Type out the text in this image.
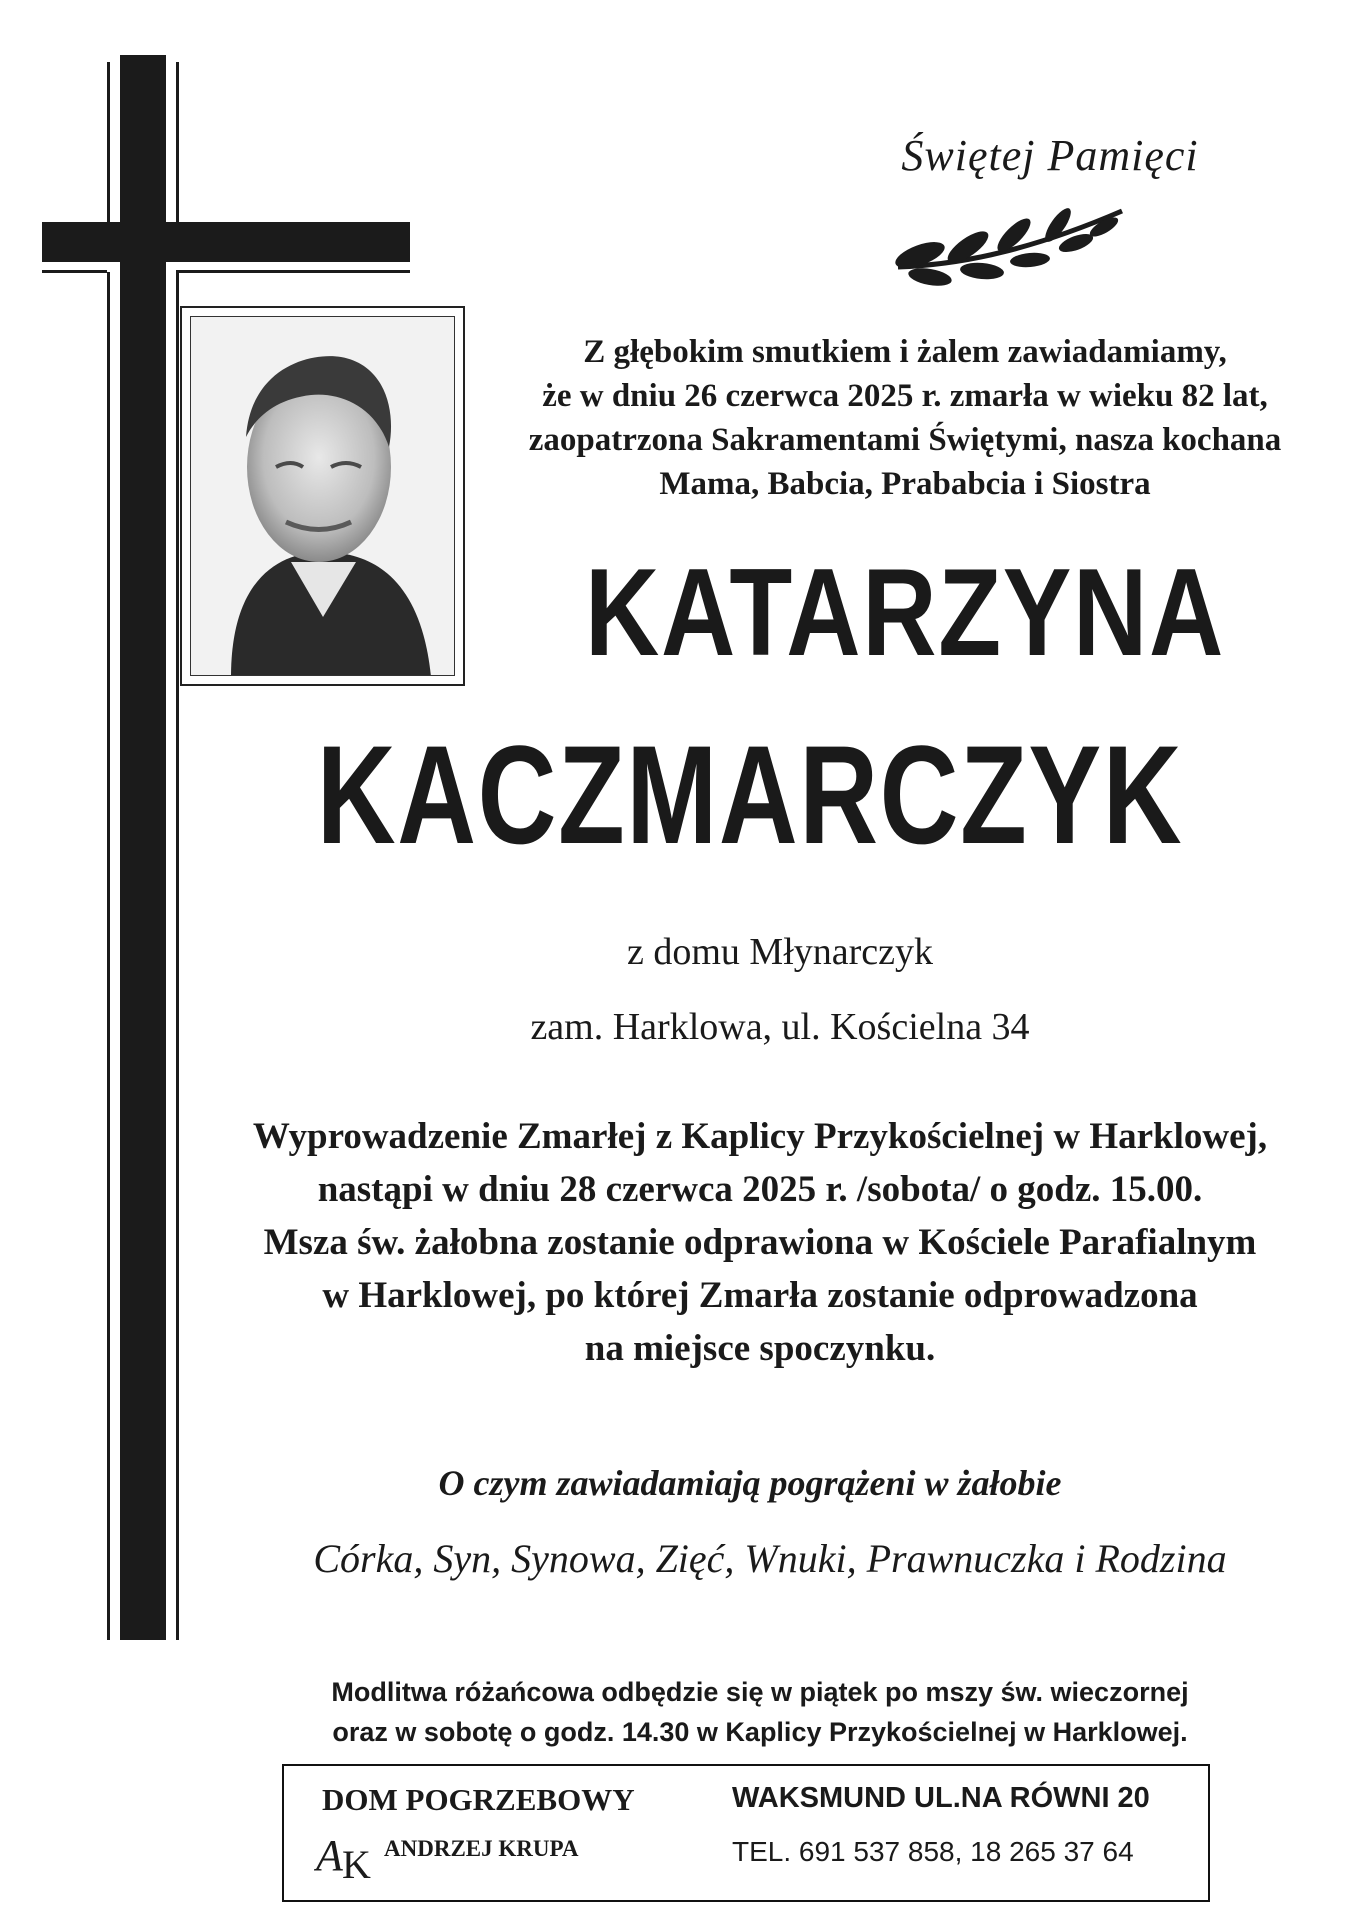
Świętej Pamięci
Z głębokim smutkiem i żalem zawiadamiamy,
że w dniu 26 czerwca 2025 r. zmarła w wieku 82 lat,
zaopatrzona Sakramentami Świętymi, nasza kochana
Mama, Babcia, Prababcia i Siostra
KATARZYNA
KACZMARCZYK
z domu Młynarczyk
zam. Harklowa, ul. Kościelna 34
Wyprowadzenie Zmarłej z Kaplicy Przykościelnej w Harklowej,
nastąpi w dniu 28 czerwca 2025 r. /sobota/ o godz. 15.00.
Msza św. żałobna zostanie odprawiona w Kościele Parafialnym
w Harklowej, po której Zmarła zostanie odprowadzona
na miejsce spoczynku.
O czym zawiadamiają pogrążeni w żałobie
Córka, Syn, Synowa, Zięć, Wnuki, Prawnuczka i Rodzina
Modlitwa różańcowa odbędzie się w piątek po mszy św. wieczornej
oraz w sobotę o godz. 14.30 w Kaplicy Przykościelnej w Harklowej.
DOM POGRZEBOWY
A K ANDRZEJ KRUPA
WAKSMUND UL.NA RÓWNI 20
TEL. 691 537 858, 18 265 37 64
